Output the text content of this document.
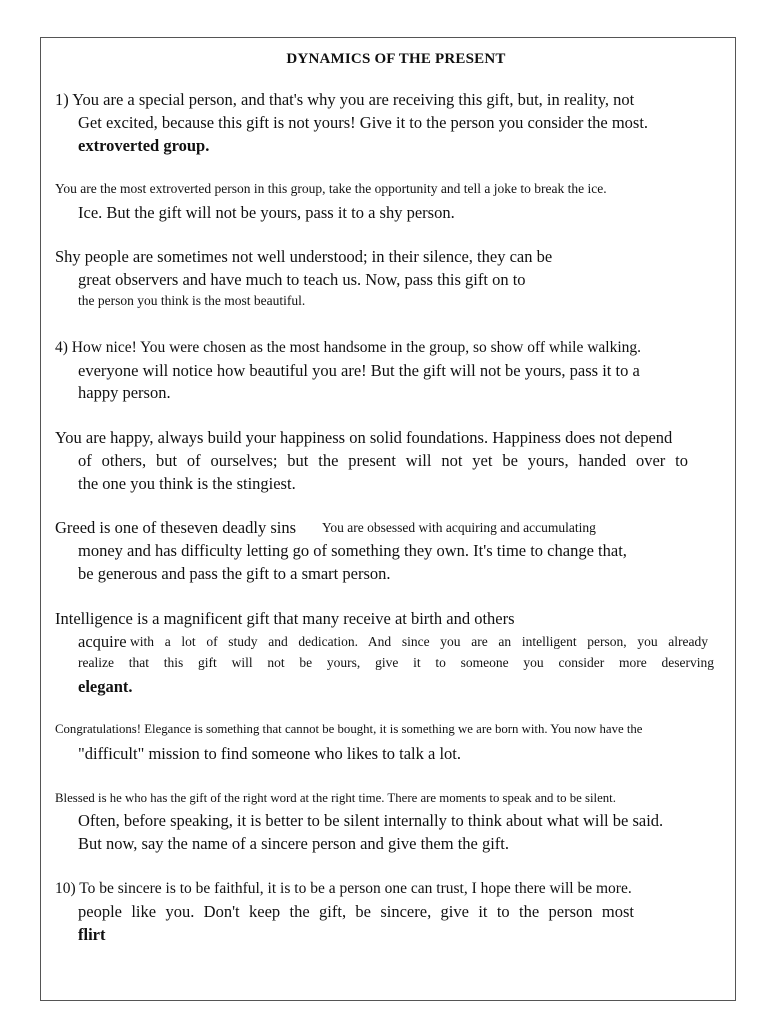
DYNAMICS OF THE PRESENT
1) You are a special person, and that's why you are receiving this gift, but, in reality, not
Get excited, because this gift is not yours! Give it to the person you consider the most.
extroverted group.
You are the most extroverted person in this group, take the opportunity and tell a joke to break the ice.
Ice. But the gift will not be yours, pass it to a shy person.
Shy people are sometimes not well understood; in their silence, they can be
great observers and have much to teach us. Now, pass this gift on to
the person you think is the most beautiful.
4) How nice! You were chosen as the most handsome in the group, so show off while walking.
everyone will notice how beautiful you are! But the gift will not be yours, pass it to a
happy person.
You are happy, always build your happiness on solid foundations. Happiness does not depend
of others, but of ourselves; but the present will not yet be yours, handed over to
the one you think is the stingiest.
Greed is one of theseven deadly sins You are obsessed with acquiring and accumulating
money and has difficulty letting go of something they own. It's time to change that,
be generous and pass the gift to a smart person.
Intelligence is a magnificent gift that many receive at birth and others
acquire with a lot of study and dedication. And since you are an intelligent person, you already
realize that this gift will not be yours, give it to someone you consider more deserving
elegant.
Congratulations! Elegance is something that cannot be bought, it is something we are born with. You now have the
"difficult" mission to find someone who likes to talk a lot.
Blessed is he who has the gift of the right word at the right time. There are moments to speak and to be silent.
Often, before speaking, it is better to be silent internally to think about what will be said.
But now, say the name of a sincere person and give them the gift.
10) To be sincere is to be faithful, it is to be a person one can trust, I hope there will be more.
people like you. Don't keep the gift, be sincere, give it to the person most
flirt
